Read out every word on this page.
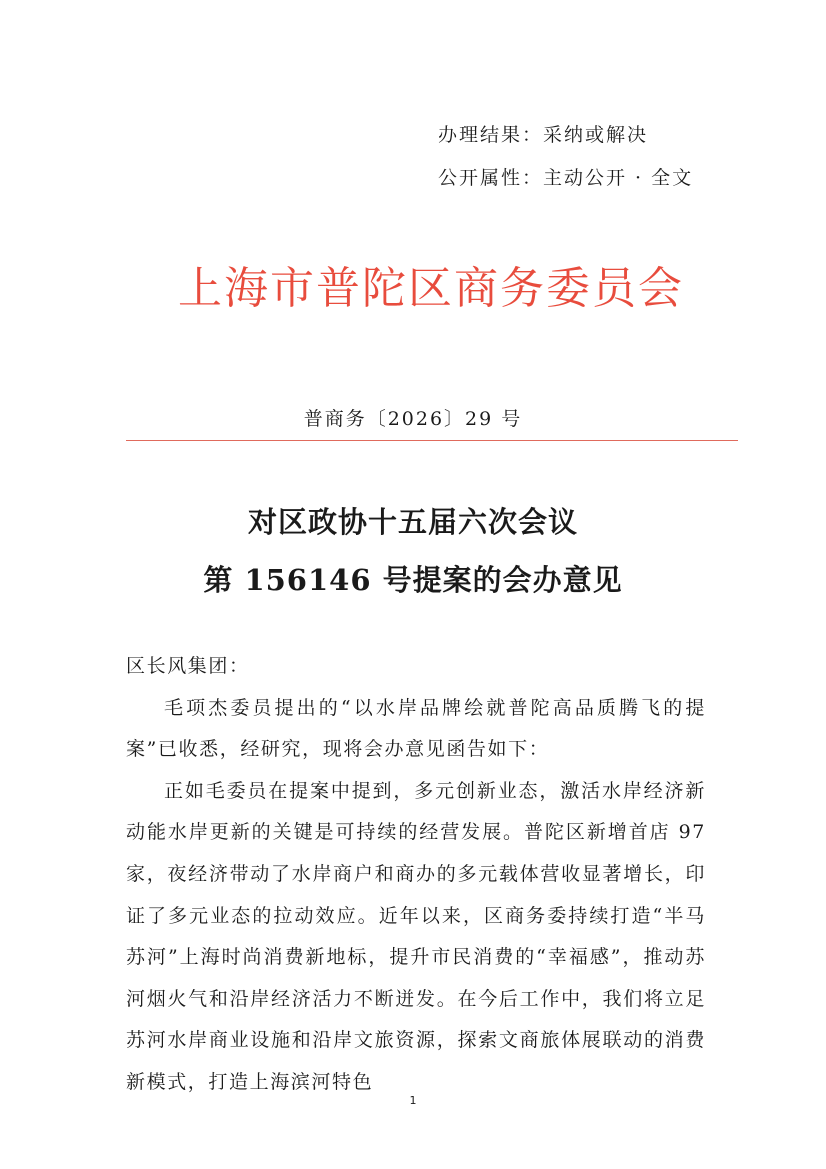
办理结果：采纳或解决
公开属性：主动公开 · 全文
上海市普陀区商务委员会
普商务〔2026〕29 号
对区政协十五届六次会议
第 156146 号提案的会办意见

区长风集团：

毛项杰委员提出的“以水岸品牌绘就普陀高品质腾飞的提案”已收悉，经研究，现将会办意见函告如下：

正如毛委员在提案中提到，多元创新业态，激活水岸经济新动能水岸更新的关键是可持续的经营发展。普陀区新增首店 97 家，夜经济带动了水岸商户和商办的多元载体营收显著增长，印证了多元业态的拉动效应。近年以来，区商务委持续打造“半马苏河”上海时尚消费新地标，提升市民消费的“幸福感”，推动苏河烟火气和沿岸经济活力不断迸发。在今后工作中，我们将立足苏河水岸商业设施和沿岸文旅资源，探索文商旅体展联动的消费新模式，打造上海滨河特色

1
